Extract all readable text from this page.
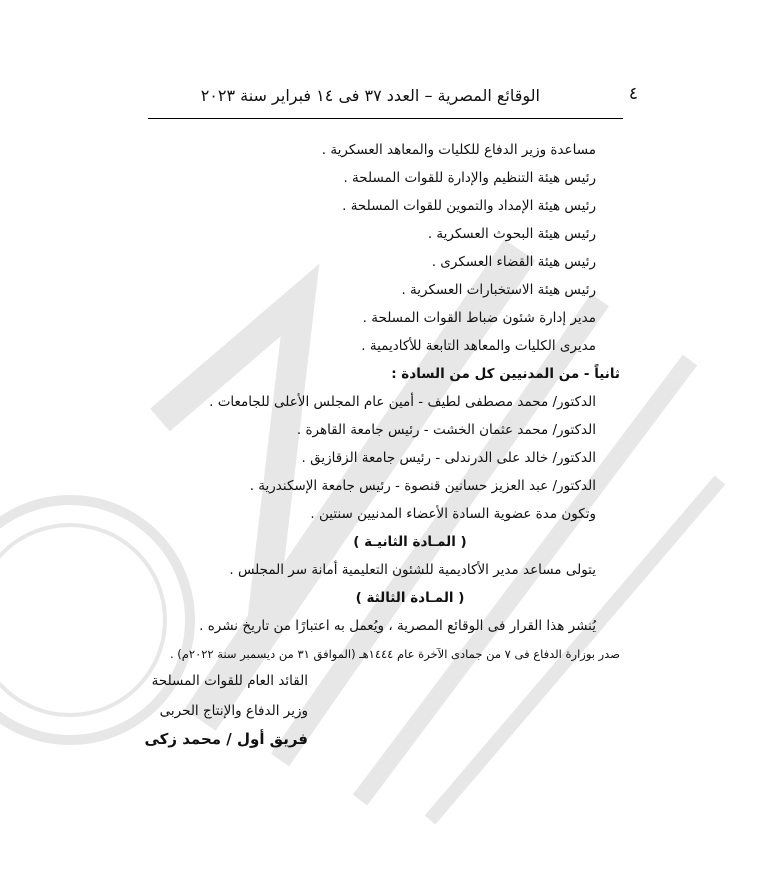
٤
الوقائع المصرية – العدد ٣٧ فى ١٤ فبراير سنة ٢٠٢٣
مساعدة وزير الدفاع للكليات والمعاهد العسكرية .
رئيس هيئة التنظيم والإدارة للقوات المسلحة .
رئيس هيئة الإمداد والتموين للقوات المسلحة .
رئيس هيئة البحوث العسكرية .
رئيس هيئة القضاء العسكرى .
رئيس هيئة الاستخبارات العسكرية .
مدير إدارة شئون ضباط القوات المسلحة .
مديرى الكليات والمعاهد التابعة للأكاديمية .
ثانياً - من المدنيين كل من السادة :
الدكتور/ محمد مصطفى لطيف - أمين عام المجلس الأعلى للجامعات .
الدكتور/ محمد عثمان الخشت - رئيس جامعة القاهرة .
الدكتور/ خالد على الدرندلى - رئيس جامعة الزقازيق .
الدكتور/ عبد العزيز حسانين قنصوة - رئيس جامعة الإسكندرية .
وتكون مدة عضوية السادة الأعضاء المدنيين سنتين .
( المـادة الثانيـة )
يتولى مساعد مدير الأكاديمية للشئون التعليمية أمانة سر المجلس .
( المـادة الثالثة )
يُنشر هذا القرار فى الوقائع المصرية ، ويُعمل به اعتبارًا من تاريخ نشره .
صدر بوزارة الدفاع فى ٧ من جمادى الآخرة عام ١٤٤٤هـ (الموافق ٣١ من ديسمبر سنة ٢٠٢٢م) .
القائد العام للقوات المسلحة
وزير الدفاع والإنتاج الحربى
فريق أول / محمد زكى
